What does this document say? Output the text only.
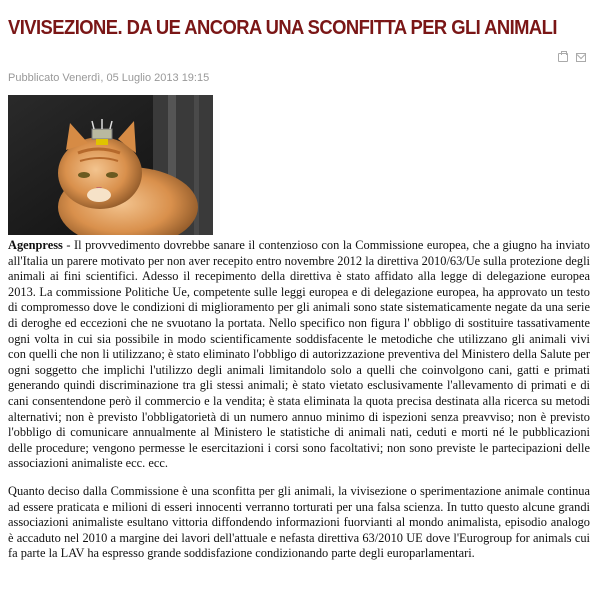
VIVISEZIONE. DA UE ANCORA UNA SCONFITTA PER GLI ANIMALI
Pubblicato Venerdì, 05 Luglio 2013 19:15

Agenpress - Il provvedimento dovrebbe sanare il contenzioso con la Commissione europea, che a giugno ha inviato all'Italia un parere motivato per non aver recepito entro novembre 2012 la direttiva 2010/63/Ue sulla protezione degli animali ai fini scientifici. Adesso il recepimento della direttiva è stato affidato alla legge di delegazione europea 2013. La commissione Politiche Ue, competente sulle leggi europea e di delegazione europea, ha approvato un testo di compromesso dove le condizioni di miglioramento per gli animali sono state sistematicamente negate da una serie di deroghe ed eccezioni che ne svuotano la portata. Nello specifico non figura l' obbligo di sostituire tassativamente ogni volta in cui sia possibile in modo scientificamente soddisfacente le metodiche che utilizzano gli animali vivi con quelli che non li utilizzano; è stato eliminato l'obbligo di autorizzazione preventiva del Ministero della Salute per ogni soggetto che implichi l'utilizzo degli animali limitandolo solo a quelli che coinvolgono cani, gatti e primati generando quindi discriminazione tra gli stessi animali; è stato vietato esclusivamente l'allevamento di primati e di cani consentendone però il commercio e la vendita; è stata eliminata la quota precisa destinata alla ricerca su metodi alternativi; non è previsto l'obbligatorietà di un numero annuo minimo di ispezioni senza preavviso; non è previsto l'obbligo di comunicare annualmente al Ministero le statistiche di animali nati, ceduti e morti né le pubblicazioni delle procedure; vengono permesse le esercitazioni i corsi sono facoltativi; non sono previste le partecipazioni delle associazioni animaliste ecc. ecc.

Quanto deciso dalla Commissione è una sconfitta per gli animali, la vivisezione o sperimentazione animale continua ad essere praticata e milioni di esseri innocenti verranno torturati per una falsa scienza. In tutto questo alcune grandi associazioni animaliste esultano vittoria diffondendo informazioni fuorvianti al mondo animalista, episodio analogo è accaduto nel 2010 a margine dei lavori dell'attuale e nefasta direttiva 63/2010 UE dove l'Eurogroup for animals cui fa parte la LAV ha espresso grande soddisfazione condizionando parte degli europarlamentari.
